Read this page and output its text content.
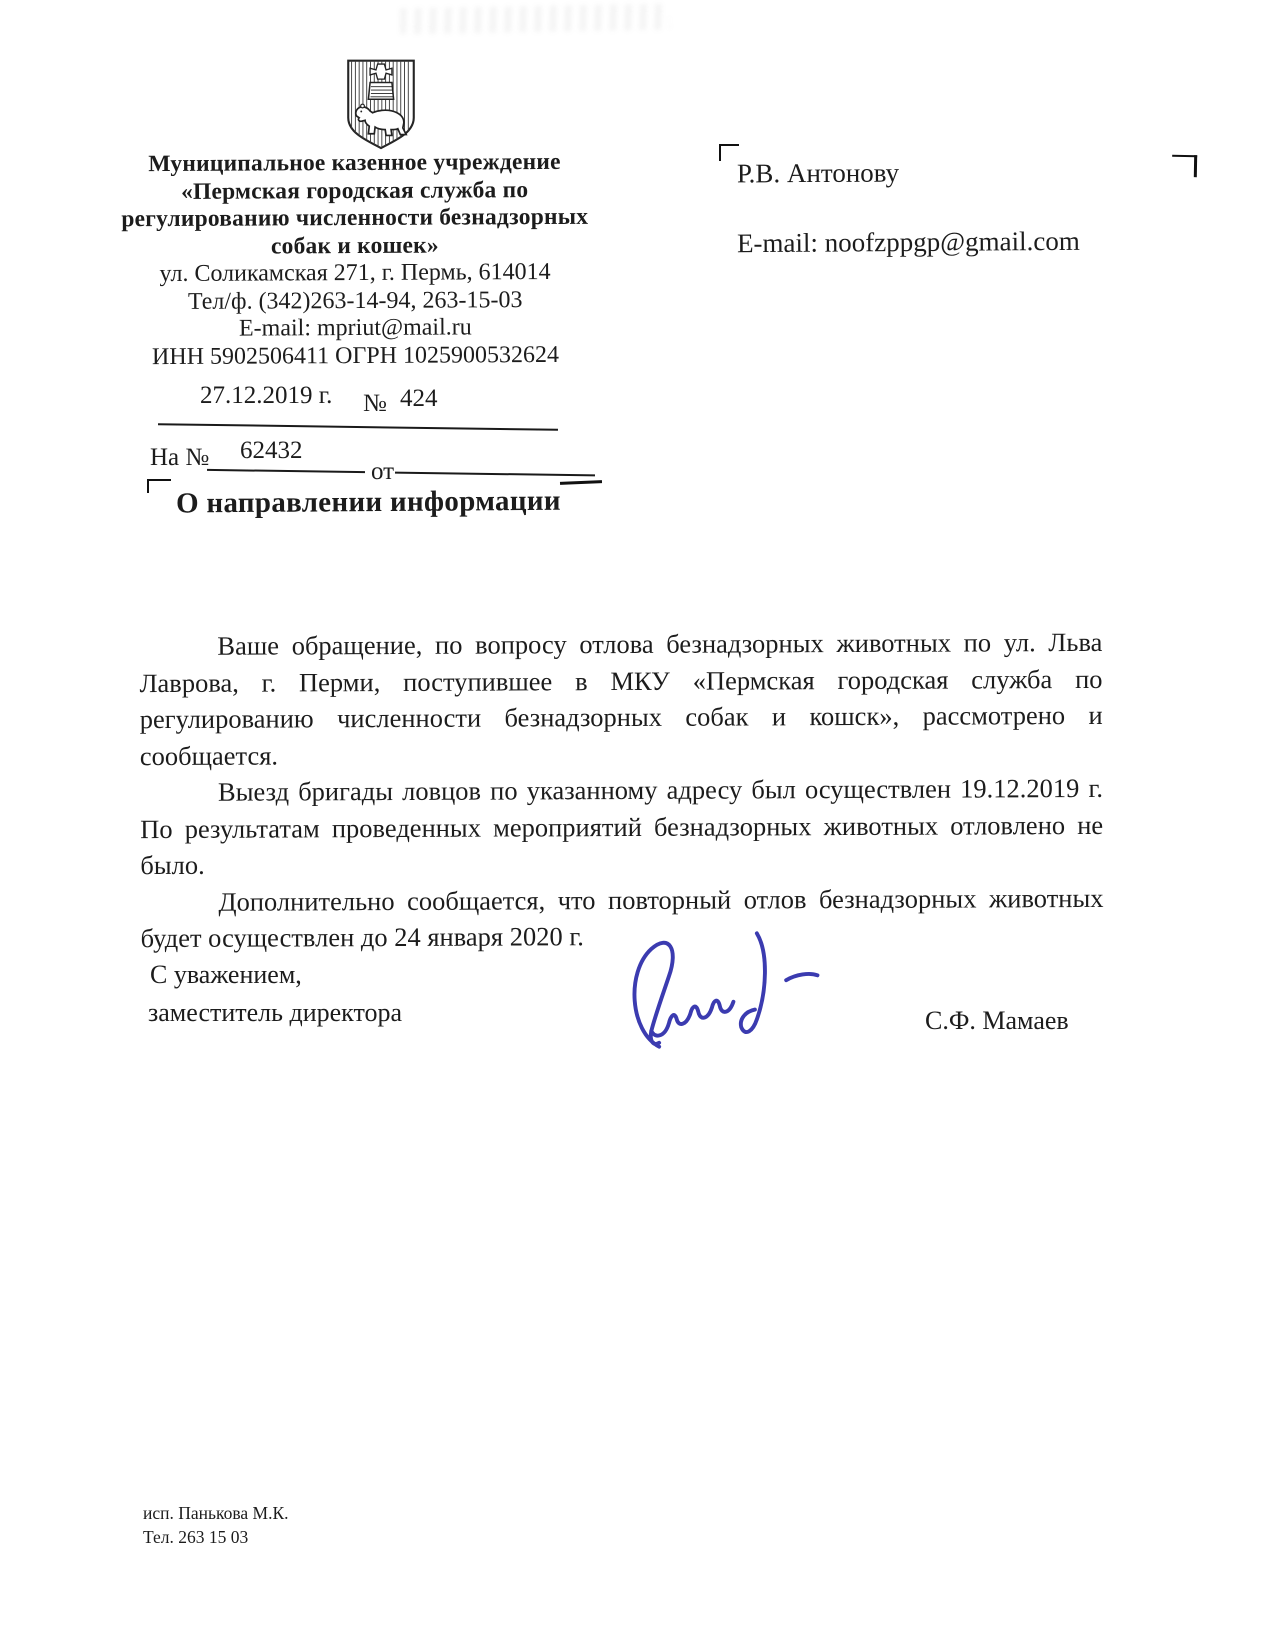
Муниципальное казенное учреждение
«Пермская городская служба по
регулированию численности безнадзорных
собак и кошек»
ул. Соликамская 271, г. Пермь, 614014
Тел/ф. (342)263-14-94, 263-15-03
E-mail: mpriut@mail.ru
ИНН 5902506411 ОГРН 1025900532624
Р.В. Антонову
E-mail: noofzppgp@gmail.com
27.12.2019 г. № 424
На № 62432
от
О направлении информации

Ваше обращение, по вопросу отлова безнадзорных животных по ул. Льва Лаврова, г. Перми, поступившее в МКУ «Пермская городская служба по регулированию численности безнадзорных собак и кошск», рассмотрено и сообщается.

Выезд бригады ловцов по указанному адресу был осуществлен 19.12.2019 г. По результатам проведенных мероприятий безнадзорных животных отловлено не было.

Дополнительно сообщается, что повторный отлов безнадзорных животных будет осуществлен до 24 января 2020 г.

С уважением,
заместитель директора	С.Ф. Мамаев
исп. Панькова М.К.
Тел. 263 15 03
